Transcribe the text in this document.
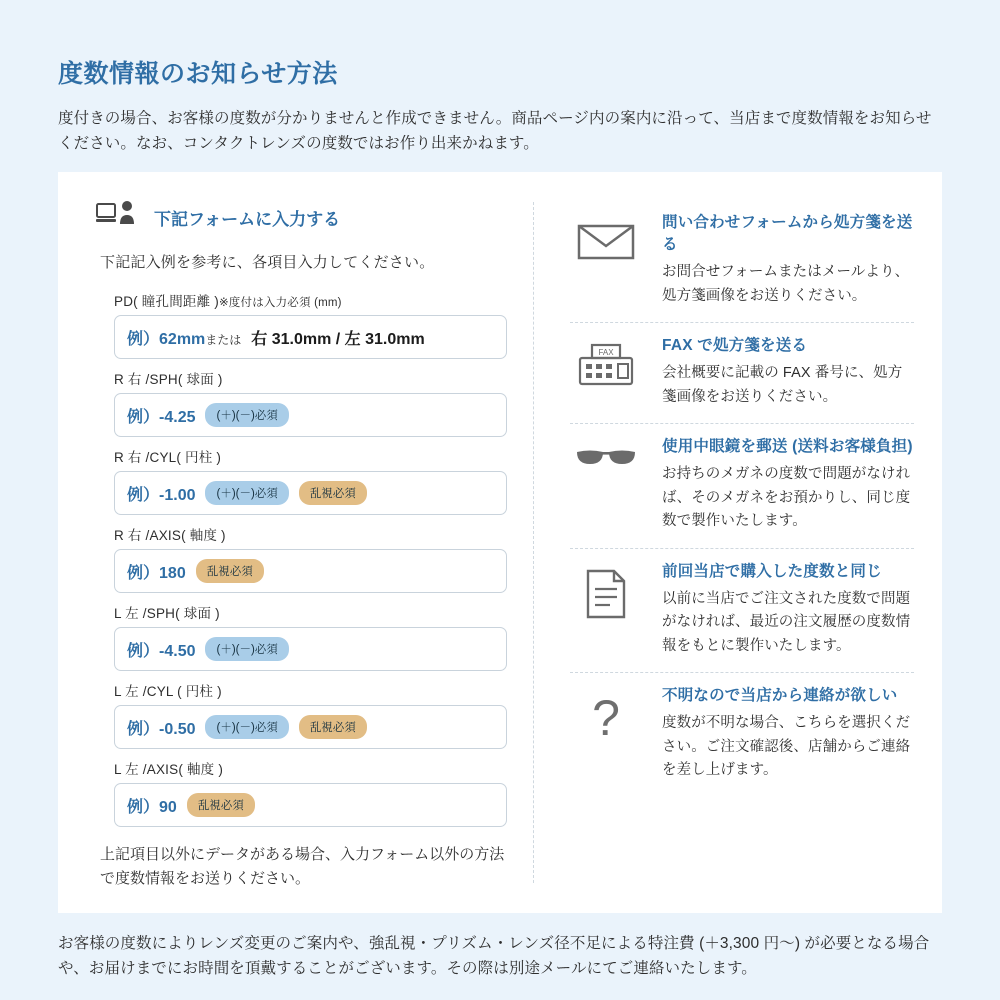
度数情報のお知らせ方法

度付きの場合、お客様の度数が分かりませんと作成できません。商品ページ内の案内に沿って、当店まで度数情報をお知らせください。なお、コンタクトレンズの度数ではお作り出来かねます。

下記フォームに入力する
下記記入例を参考に、各項目入力してください。
PD( 瞳孔間距離 )※度付は入力必須 (mm)
例）62mmまたは 右 31.0mm / 左 31.0mm
R 右 /SPH( 球面 )
例）-4.25	(＋)(－)必須
R 右 /CYL( 円柱 )
例）-1.00	(＋)(－)必須	乱視必須
R 右 /AXIS( 軸度 )
例）180	乱視必須
L 左 /SPH( 球面 )
例）-4.50	(＋)(－)必須
L 左 /CYL ( 円柱 )
例）-0.50	(＋)(－)必須	乱視必須
L 左 /AXIS( 軸度 )
例）90	乱視必須
上記項目以外にデータがある場合、入力フォーム以外の方法で度数情報をお送りください。
問い合わせフォームから処方箋を送る
お問合せフォームまたはメールより、処方箋画像をお送りください。
FAX	FAX で処方箋を送る
会社概要に記載の FAX 番号に、処方箋画像をお送りください。
使用中眼鏡を郵送 (送料お客様負担)
お持ちのメガネの度数で問題がなければ、そのメガネをお預かりし、同じ度数で製作いたします。
前回当店で購入した度数と同じ
以前に当店でご注文された度数で問題がなければ、最近の注文履歴の度数情報をもとに製作いたします。
?	不明なので当店から連絡が欲しい
度数が不明な場合、こちらを選択ください。ご注文確認後、店舗からご連絡を差し上げます。

お客様の度数によりレンズ変更のご案内や、強乱視・プリズム・レンズ径不足による特注費 (＋3,300 円〜) が必要となる場合や、お届けまでにお時間を頂戴することがございます。その際は別途メールにてご連絡いたします。
